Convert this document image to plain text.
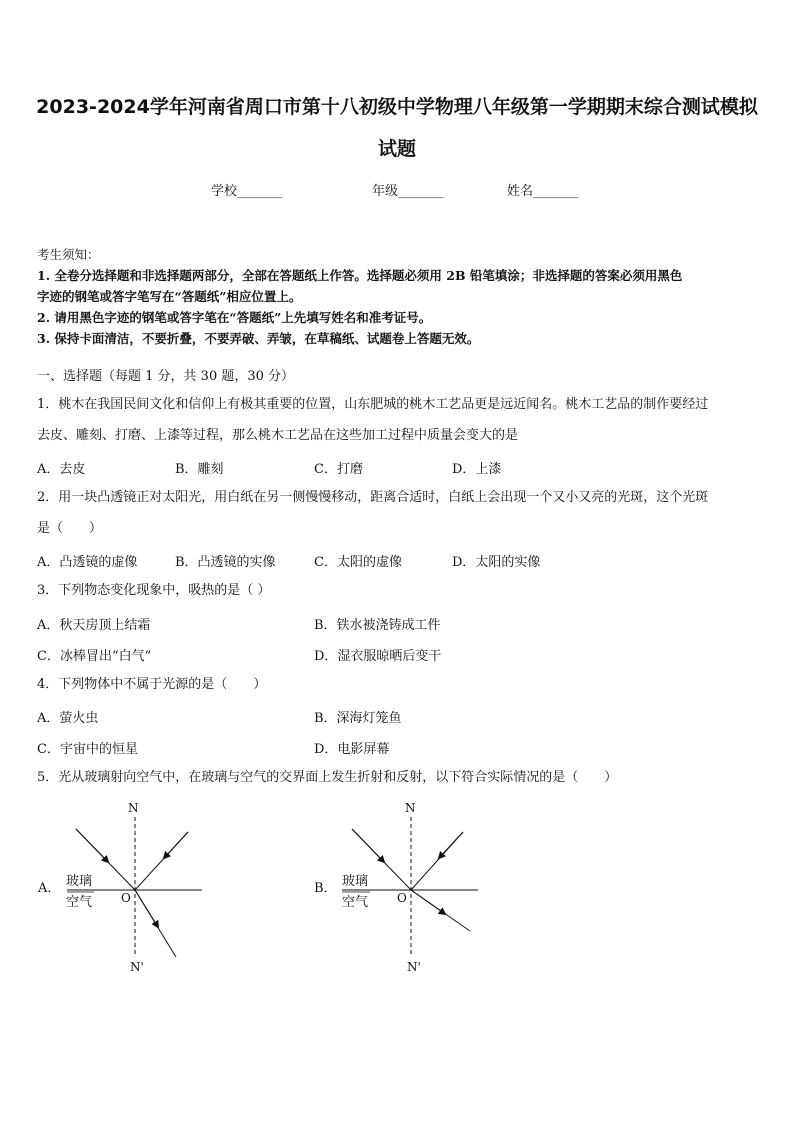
2023-2024学年河南省周口市第十八初级中学物理八年级第一学期期末综合测试模拟
试题
学校_______	年级_______	姓名_______
考生须知：
1. 全卷分选择题和非选择题两部分，全部在答题纸上作答。选择题必须用 2B 铅笔填涂；非选择题的答案必须用黑色
字迹的钢笔或答字笔写在“答题纸”相应位置上。
2. 请用黑色字迹的钢笔或答字笔在“答题纸”上先填写姓名和准考证号。
3. 保持卡面清洁，不要折叠，不要弄破、弄皱，在草稿纸、试题卷上答题无效。
一、选择题（每题 1 分，共 30 题，30 分）
1．桃木在我国民间文化和信仰上有极其重要的位置，山东肥城的桃木工艺品更是远近闻名。桃木工艺品的制作要经过
去皮、雕刻、打磨、上漆等过程，那么桃木工艺品在这些加工过程中质量会变大的是
A．去皮	B．雕刻	C．打磨	D．上漆
2．用一块凸透镜正对太阳光，用白纸在另一侧慢慢移动，距离合适时，白纸上会出现一个又小又亮的光斑，这个光斑
是（　　）
A．凸透镜的虚像	B．凸透镜的实像	C．太阳的虚像	D．太阳的实像
3．下列物态变化现象中，吸热的是（ ）
A．秋天房顶上结霜	B．铁水被浇铸成工件
C．冰棒冒出“白气”	D．湿衣服晾晒后变干
4．下列物体中不属于光源的是（　　）
A．萤火虫	B．深海灯笼鱼
C．宇宙中的恒星	D．电影屏幕
5．光从玻璃射向空气中，在玻璃与空气的交界面上发生折射和反射，以下符合实际情况的是（　　）
A．
N
N'
玻璃
空气 O
B．
N
N'
玻璃
空气 O
